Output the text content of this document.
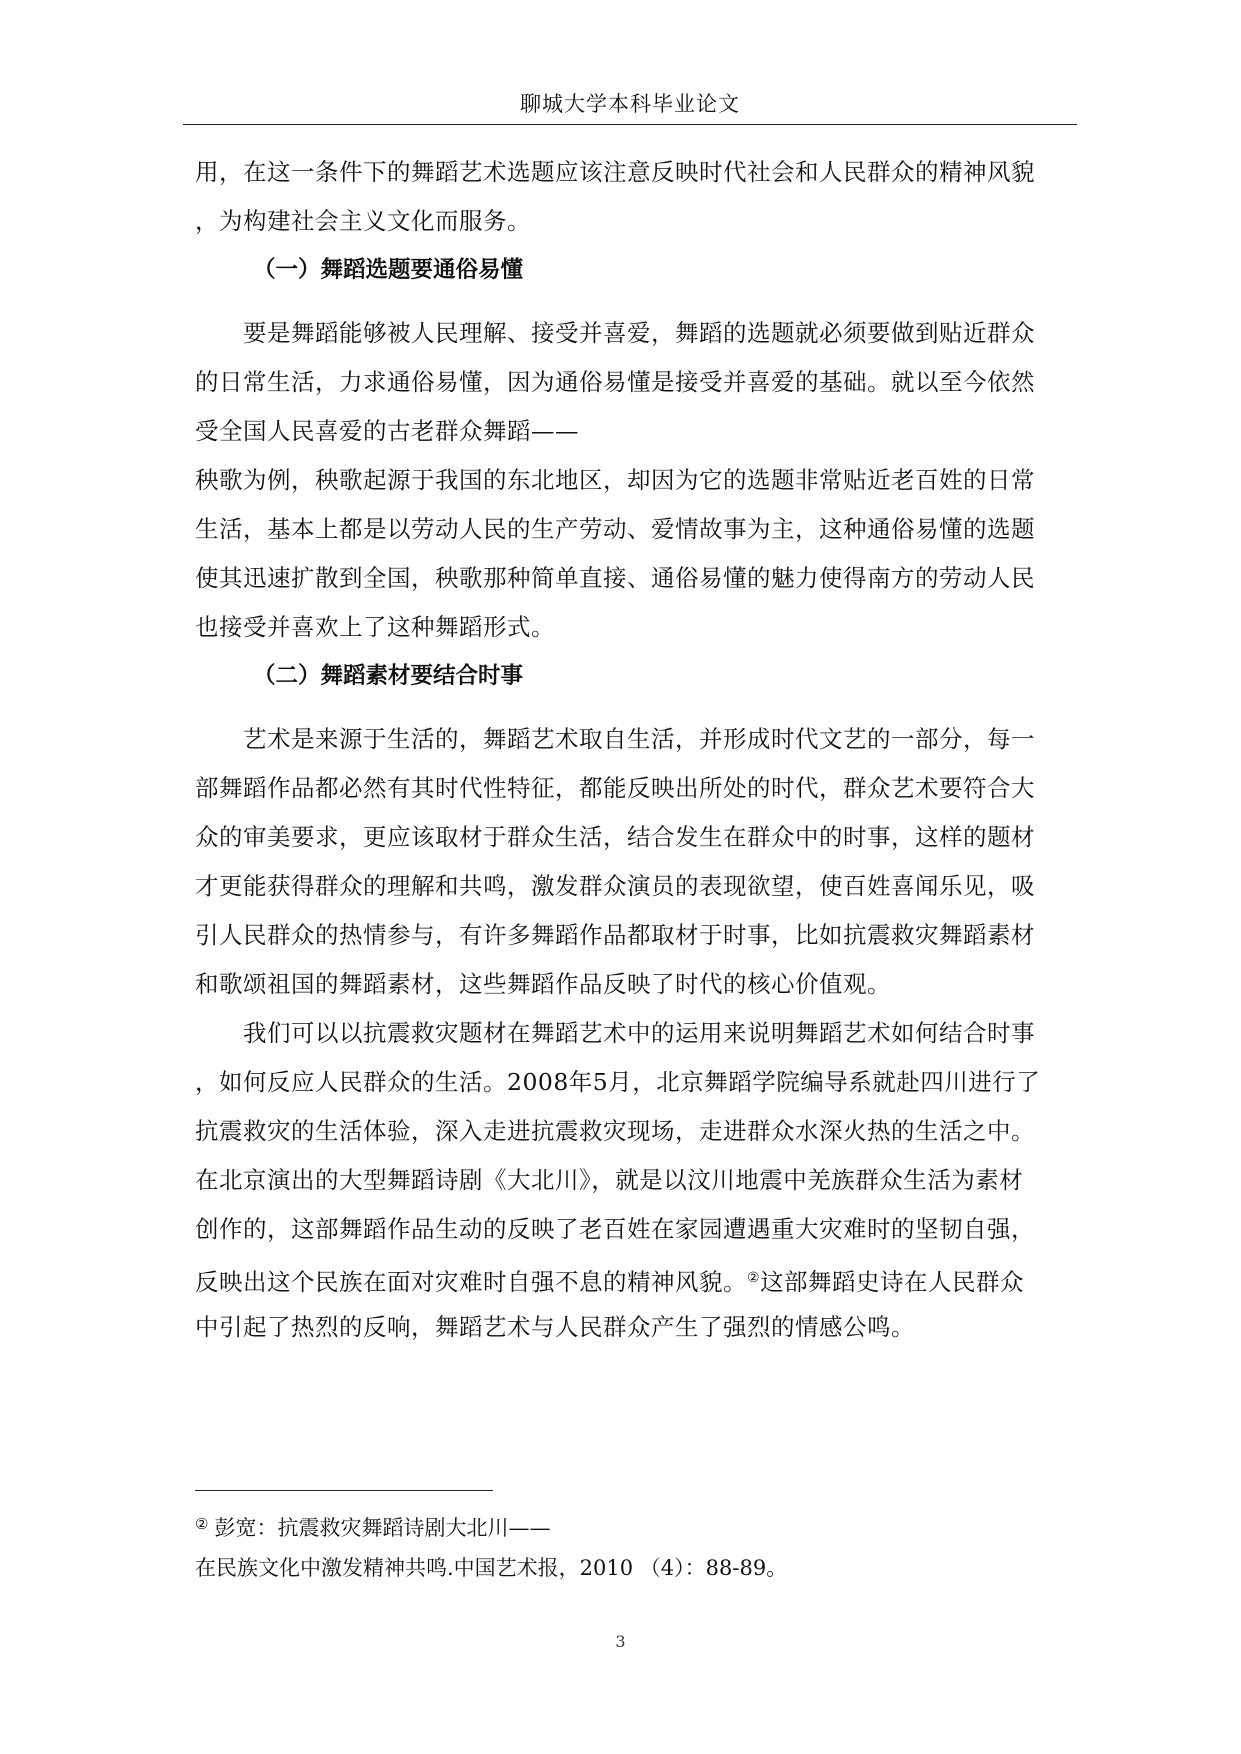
聊城大学本科毕业论文
用，在这一条件下的舞蹈艺术选题应该注意反映时代社会和人民群众的精神风貌
，为构建社会主义文化而服务。
（一）舞蹈选题要通俗易懂
要是舞蹈能够被人民理解、接受并喜爱，舞蹈的选题就必须要做到贴近群众
的日常生活，力求通俗易懂，因为通俗易懂是接受并喜爱的基础。就以至今依然
受全国人民喜爱的古老群众舞蹈——
秧歌为例，秧歌起源于我国的东北地区，却因为它的选题非常贴近老百姓的日常
生活，基本上都是以劳动人民的生产劳动、爱情故事为主，这种通俗易懂的选题
使其迅速扩散到全国，秧歌那种简单直接、通俗易懂的魅力使得南方的劳动人民
也接受并喜欢上了这种舞蹈形式。
（二）舞蹈素材要结合时事
艺术是来源于生活的，舞蹈艺术取自生活，并形成时代文艺的一部分，每一
部舞蹈作品都必然有其时代性特征，都能反映出所处的时代，群众艺术要符合大
众的审美要求，更应该取材于群众生活，结合发生在群众中的时事，这样的题材
才更能获得群众的理解和共鸣，激发群众演员的表现欲望，使百姓喜闻乐见，吸
引人民群众的热情参与，有许多舞蹈作品都取材于时事，比如抗震救灾舞蹈素材
和歌颂祖国的舞蹈素材，这些舞蹈作品反映了时代的核心价值观。
我们可以以抗震救灾题材在舞蹈艺术中的运用来说明舞蹈艺术如何结合时事
，如何反应人民群众的生活。2008年5月，北京舞蹈学院编导系就赴四川进行了
抗震救灾的生活体验，深入走进抗震救灾现场，走进群众水深火热的生活之中。
在北京演出的大型舞蹈诗剧《大北川》，就是以汶川地震中羌族群众生活为素材
创作的，这部舞蹈作品生动的反映了老百姓在家园遭遇重大灾难时的坚韧自强，
反映出这个民族在面对灾难时自强不息的精神风貌。②这部舞蹈史诗在人民群众
中引起了热烈的反响，舞蹈艺术与人民群众产生了强烈的情感公鸣。
② 彭宽：抗震救灾舞蹈诗剧大北川——
在民族文化中激发精神共鸣.中国艺术报，2010 （4）：88-89。
3
